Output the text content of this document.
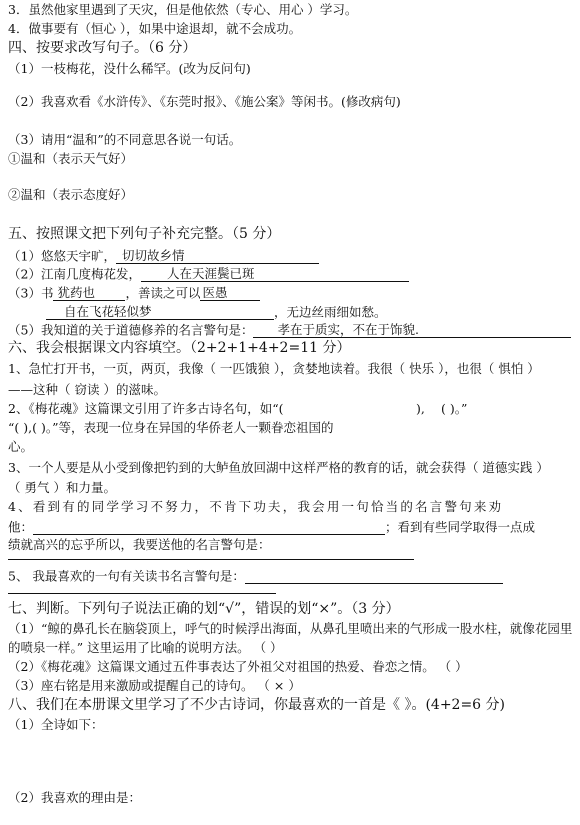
3．虽然他家里遇到了天灾，但是他依然（专心、用心 ）学习。
4．做事要有（恒心 ），如果中途退却，就不会成功。
四、按要求改写句子。（6 分）
（1）一枝梅花，没什么稀罕。(改为反问句)
（2）我喜欢看《水浒传》、《东莞时报》、《施公案》等闲书。(修改病句)
（3）请用“温和”的不同意思各说一句话。
①温和（表示天气好）
②温和（表示态度好）
五、按照课文把下列句子补充完整。（5 分）
（1）悠悠天宇旷， 切切故乡情
（2）江南几度梅花发，	人在天涯鬓已斑
（3）书 犹药也	，善读之可以 医愚
自在飞花轻似梦	，无边丝雨细如愁。
（5）我知道的关于道德修养的名言警句是：	孝在于质实，不在于饰貌.
六、我会根据课文内容填空。（2+2+1+4+2=11 分）
1、急忙打开书，一页，两页，我像（ 一匹饿狼 ），贪婪地读着。我很（ 快乐 ），也很（ 惧怕 ）
——这种（ 窃读 ）的滋味。
2、《梅花魂》这篇课文引用了许多古诗名句，如“(	), ( )。”
“( ),( )。”等，表现一位身在异国的华侨老人一颗眷恋祖国的
心。
3、一个人要是从小受到像把钓到的大鲈鱼放回湖中这样严格的教育的话，就会获得（ 道德实践 ）
（ 勇气 ）和力量。
4、看到有的同学学习不努力，不肯下功夫，我会用一句恰当的名言警句来劝
他：	；看到有些同学取得一点成
绩就高兴的忘乎所以，我要送他的名言警句是：
5、 我最喜欢的一句有关读书名言警句是：
七、判断。下列句子说法正确的划“√”，错误的划“×”。（3 分）
（1）“鲸的鼻孔长在脑袋顶上，呼气的时候浮出海面，从鼻孔里喷出来的气形成一股水柱，就像花园里
的喷泉一样。” 这里运用了比喻的说明方法。 （ ）
（2）《梅花魂》这篇课文通过五件事表达了外祖父对祖国的热爱、眷恋之情。 （ ）
（3）座右铭是用来激励或提醒自己的诗句。 （ × ）
八、我们在本册课文里学习了不少古诗词，你最喜欢的一首是《 》。(4+2=6 分)
（1）全诗如下：
（2）我喜欢的理由是：
